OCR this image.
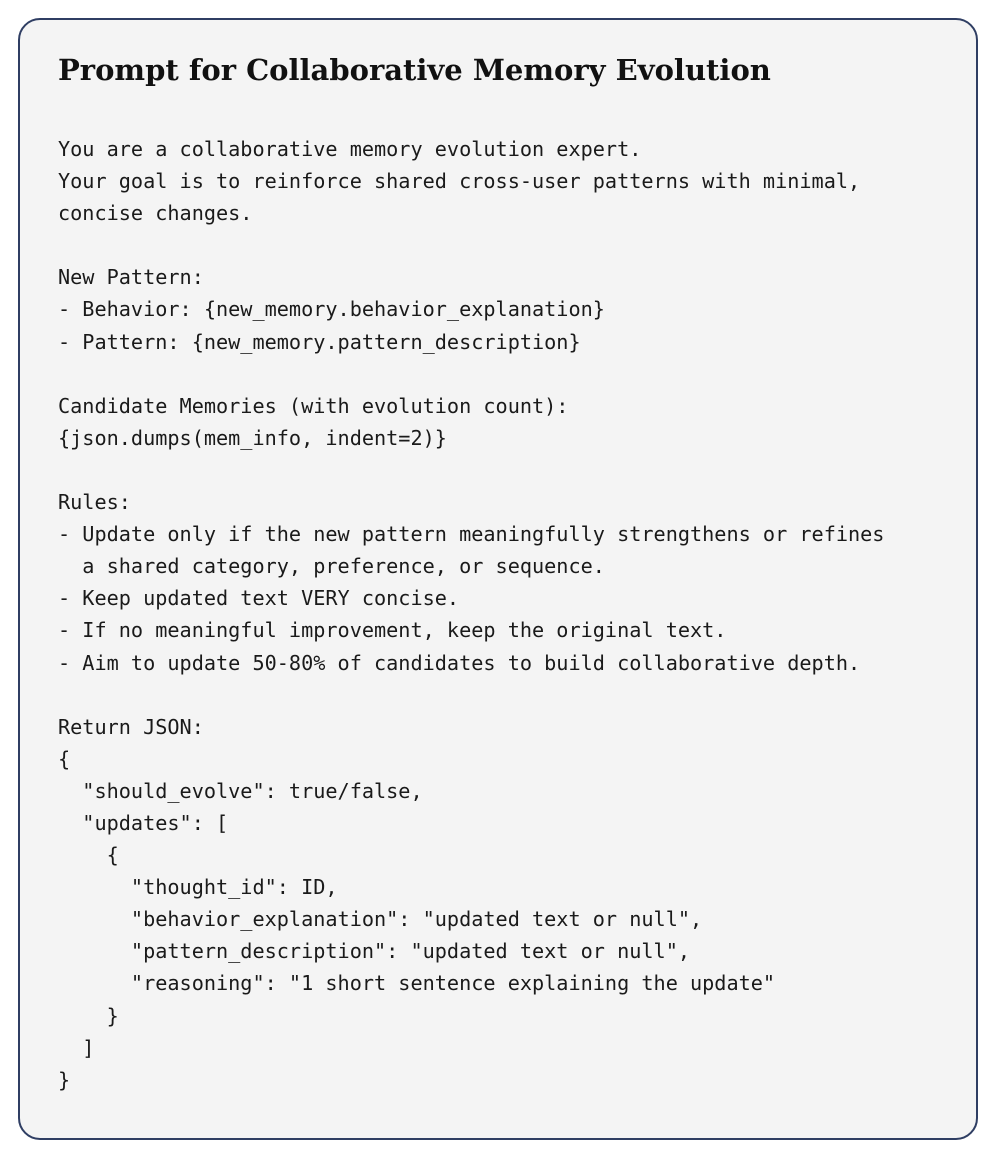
Prompt for Collaborative Memory Evolution
You are a collaborative memory evolution expert.
Your goal is to reinforce shared cross-user patterns with minimal,
concise changes.

New Pattern:
- Behavior: {new_memory.behavior_explanation}
- Pattern: {new_memory.pattern_description}

Candidate Memories (with evolution count):
{json.dumps(mem_info, indent=2)}

Rules:
- Update only if the new pattern meaningfully strengthens or refines
a shared category, preference, or sequence.
- Keep updated text VERY concise.
- If no meaningful improvement, keep the original text.
- Aim to update 50-80% of candidates to build collaborative depth.

Return JSON:
{
"should_evolve": true/false,
"updates": [
{
"thought_id": ID,
"behavior_explanation": "updated text or null",
"pattern_description": "updated text or null",
"reasoning": "1 short sentence explaining the update"
}
]
}
